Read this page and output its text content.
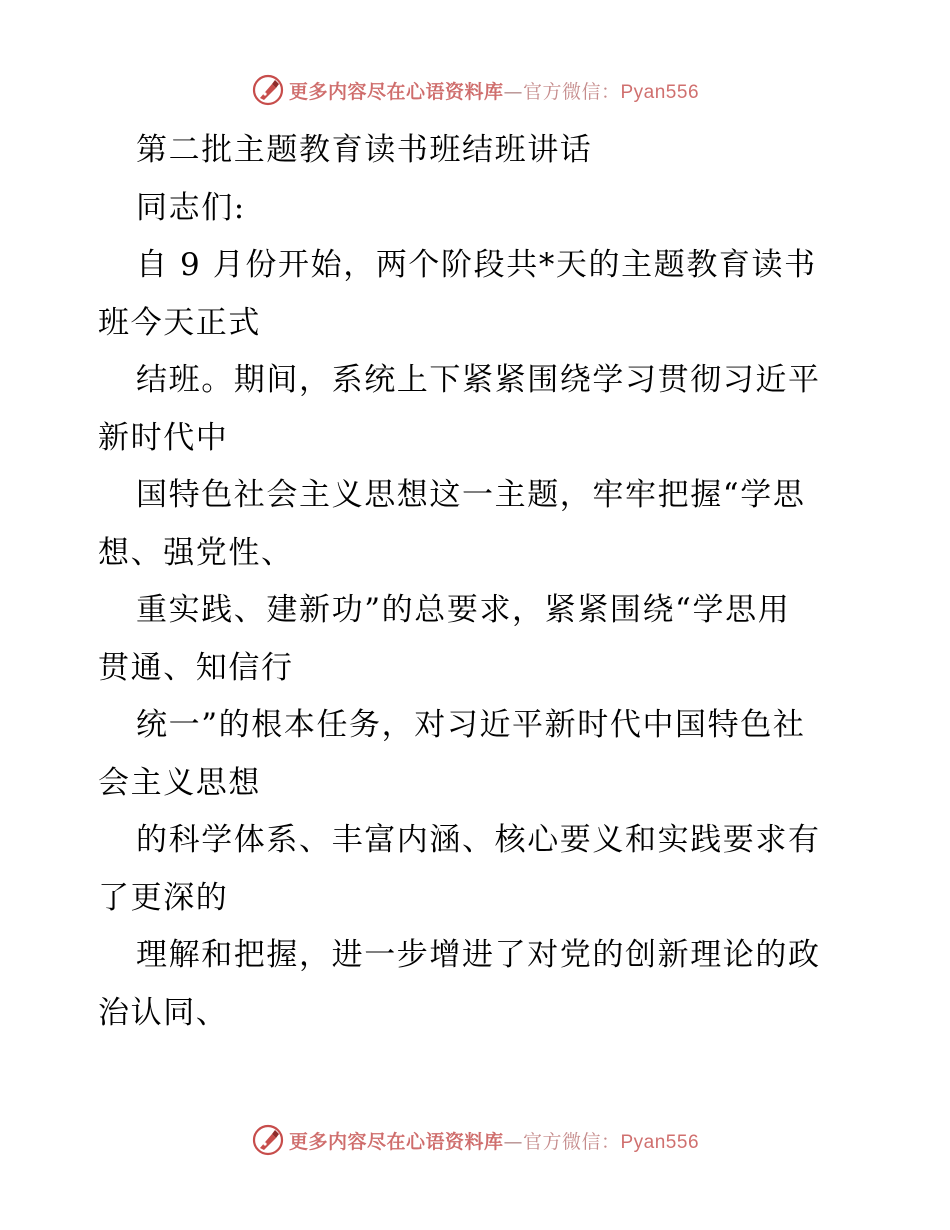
更多内容尽在心语资料库—官方微信：Pyan556
第二批主题教育读书班结班讲话
同志们:
自 9 月份开始，两个阶段共*天的主题教育读书
班今天正式
结班。期间，系统上下紧紧围绕学习贯彻习近平
新时代中
国特色社会主义思想这一主题，牢牢把握“学思
想、强党性、
重实践、建新功”的总要求，紧紧围绕“学思用
贯通、知信行
统一”的根本任务，对习近平新时代中国特色社
会主义思想
的科学体系、丰富内涵、核心要义和实践要求有
了更深的
理解和把握，进一步增进了对党的创新理论的政
治认同、
更多内容尽在心语资料库—官方微信：Pyan556
